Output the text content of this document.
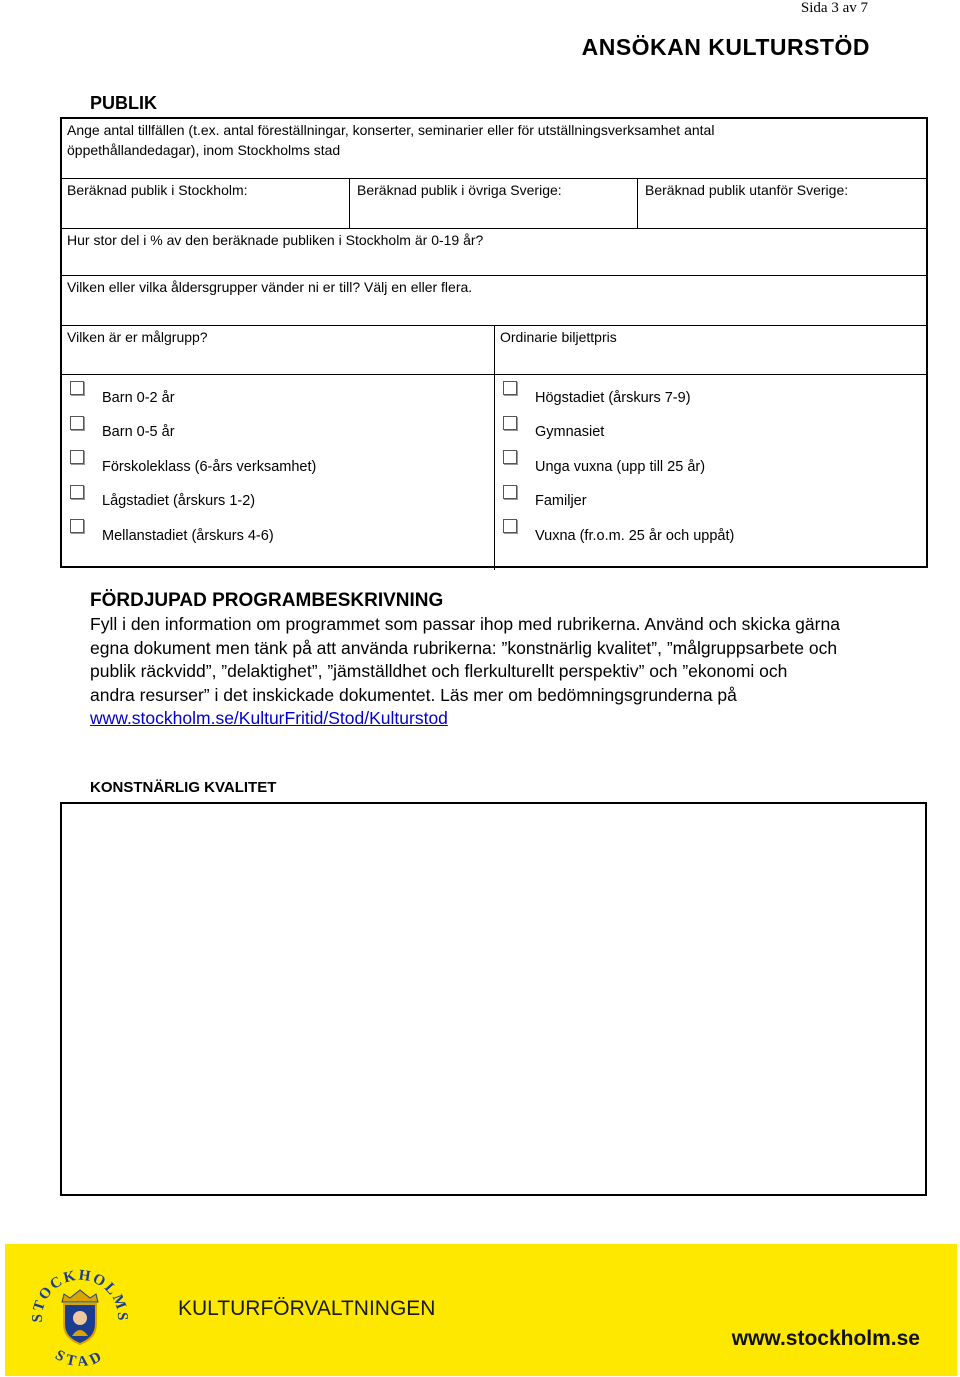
Sida 3 av 7
ANSÖKAN KULTURSTÖD
PUBLIK
Ange antal tillfällen (t.ex. antal föreställningar, konserter, seminarier eller för utställningsverksamhet antal
öppethållandedagar), inom Stockholms stad
Beräknad publik i Stockholm:	Beräknad publik i övriga Sverige:	Beräknad publik utanför Sverige:
Hur stor del i % av den beräknade publiken i Stockholm är 0-19 år?
Vilken eller vilka åldersgrupper vänder ni er till? Välj en eller flera.
Vilken är er målgrupp?	Ordinarie biljettpris
Barn 0-2 år
Barn 0-5 år
Förskoleklass (6-års verksamhet)
Lågstadiet (årskurs 1-2)
Mellanstadiet (årskurs 4-6)
Högstadiet (årskurs 7-9)
Gymnasiet
Unga vuxna (upp till 25 år)
Familjer
Vuxna (fr.o.m. 25 år och uppåt)
FÖRDJUPAD PROGRAMBESKRIVNING
Fyll i den information om programmet som passar ihop med rubrikerna. Använd och skicka gärna
egna dokument men tänk på att använda rubrikerna: ”konstnärlig kvalitet”, ”målgruppsarbete och
publik räckvidd”, ”delaktighet”, ”jämställdhet och flerkulturellt perspektiv” och ”ekonomi och
andra resurser” i det inskickade dokumentet. Läs mer om bedömningsgrunderna på
www.stockholm.se/KulturFritid/Stod/Kulturstod
KONSTNÄRLIG KVALITET
STOCKHOLMS
STAD
KULTURFÖRVALTNINGEN
www.stockholm.se
